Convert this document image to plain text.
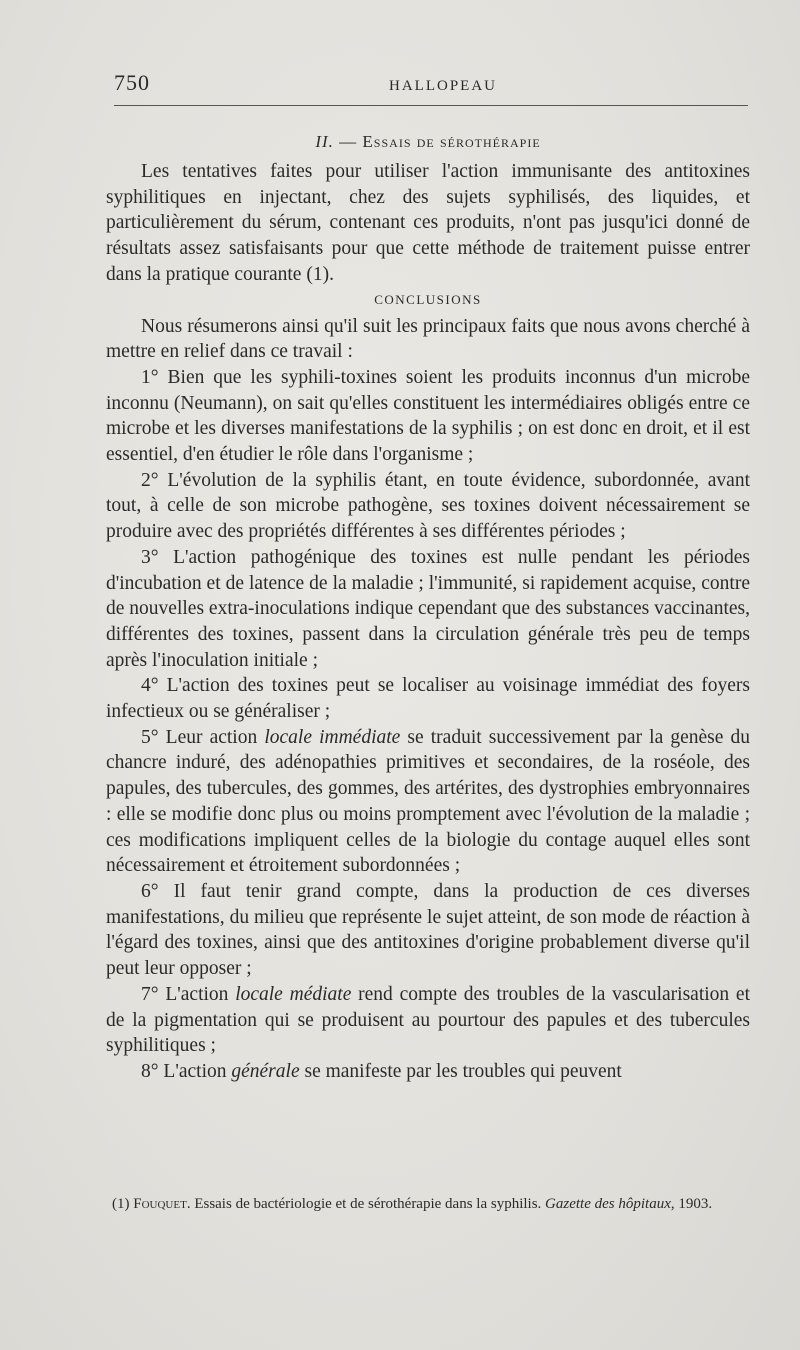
750	HALLOPEAU
II. — Essais de sérothérapie

Les tentatives faites pour utiliser l'action immunisante des antitoxines syphilitiques en injectant, chez des sujets syphilisés, des liquides, et particulièrement du sérum, contenant ces produits, n'ont pas jusqu'ici donné de résultats assez satisfaisants pour que cette méthode de traitement puisse entrer dans la pratique courante (1).

CONCLUSIONS

Nous résumerons ainsi qu'il suit les principaux faits que nous avons cherché à mettre en relief dans ce travail :

1° Bien que les syphili-toxines soient les produits inconnus d'un microbe inconnu (Neumann), on sait qu'elles constituent les intermédiaires obligés entre ce microbe et les diverses manifestations de la syphilis ; on est donc en droit, et il est essentiel, d'en étudier le rôle dans l'organisme ;

2° L'évolution de la syphilis étant, en toute évidence, subordonnée, avant tout, à celle de son microbe pathogène, ses toxines doivent nécessairement se produire avec des propriétés différentes à ses différentes périodes ;

3° L'action pathogénique des toxines est nulle pendant les périodes d'incubation et de latence de la maladie ; l'immunité, si rapidement acquise, contre de nouvelles extra-inoculations indique cependant que des substances vaccinantes, différentes des toxines, passent dans la circulation générale très peu de temps après l'inoculation initiale ;

4° L'action des toxines peut se localiser au voisinage immédiat des foyers infectieux ou se généraliser ;

5° Leur action locale immédiate se traduit successivement par la genèse du chancre induré, des adénopathies primitives et secondaires, de la roséole, des papules, des tubercules, des gommes, des artérites, des dystrophies embryonnaires : elle se modifie donc plus ou moins promptement avec l'évolution de la maladie ; ces modifications impliquent celles de la biologie du contage auquel elles sont nécessairement et étroitement subordonnées ;

6° Il faut tenir grand compte, dans la production de ces diverses manifestations, du milieu que représente le sujet atteint, de son mode de réaction à l'égard des toxines, ainsi que des antitoxines d'origine probablement diverse qu'il peut leur opposer ;

7° L'action locale médiate rend compte des troubles de la vascularisation et de la pigmentation qui se produisent au pourtour des papules et des tubercules syphilitiques ;

8° L'action générale se manifeste par les troubles qui peuvent

(1) Fouquet. Essais de bactériologie et de sérothérapie dans la syphilis. Gazette des hôpitaux, 1903.
